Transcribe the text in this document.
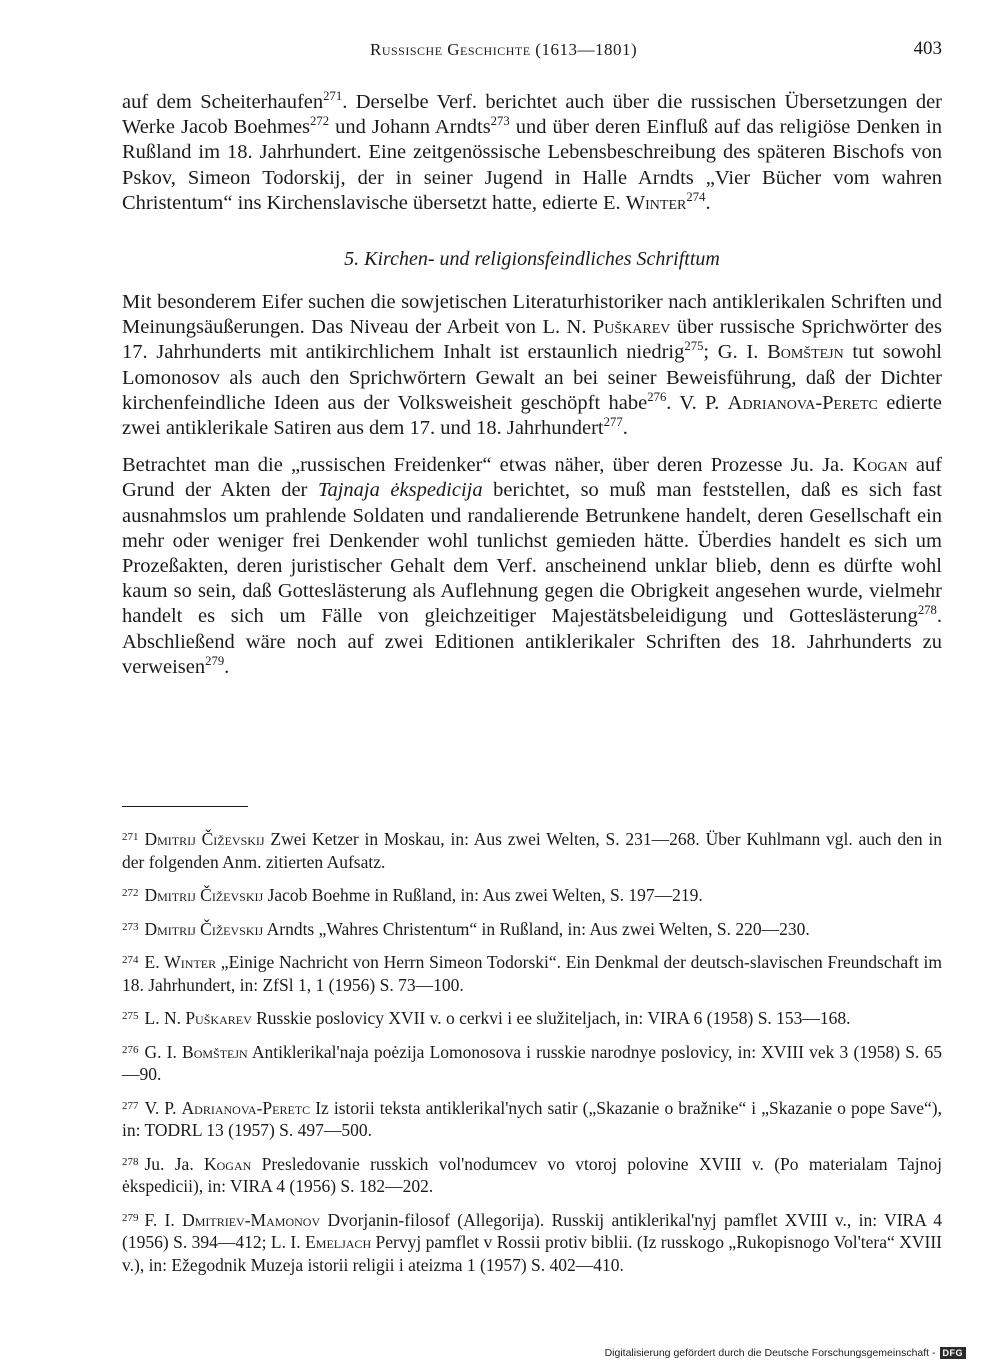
Russische Geschichte (1613—1801)	403

auf dem Scheiterhaufen$^{271}$. Derselbe Verf. berichtet auch über die russischen Übersetzungen der Werke Jacob Boehmes$^{272}$ und Johann Arndts$^{273}$ und über deren Einfluß auf das religiöse Denken in Rußland im 18. Jahrhundert. Eine zeitgenössische Lebensbeschreibung des späteren Bischofs von Pskov, Simeon Todorskij, der in seiner Jugend in Halle Arndts „Vier Bücher vom wahren Christentum“ ins Kirchenslavische übersetzt hatte, edierte E. Winter$^{274}$.

5. Kirchen- und religionsfeindliches Schrifttum

Mit besonderem Eifer suchen die sowjetischen Literaturhistoriker nach antiklerikalen Schriften und Meinungsäußerungen. Das Niveau der Arbeit von L. N. Puškarev über russische Sprichwörter des 17. Jahrhunderts mit antikirchlichem Inhalt ist erstaunlich niedrig$^{275}$; G. I. Bomštejn tut sowohl Lomonosov als auch den Sprichwörtern Gewalt an bei seiner Beweisführung, daß der Dichter kirchenfeindliche Ideen aus der Volksweisheit geschöpft habe$^{276}$. V. P. Adrianova-Peretc edierte zwei antiklerikale Satiren aus dem 17. und 18. Jahrhundert$^{277}$.

Betrachtet man die „russischen Freidenker“ etwas näher, über deren Prozesse Ju. Ja. Kogan auf Grund der Akten der Tajnaja ėkspedicija berichtet, so muß man feststellen, daß es sich fast ausnahmslos um prahlende Soldaten und randalierende Betrunkene handelt, deren Gesellschaft ein mehr oder weniger frei Denkender wohl tunlichst gemieden hätte. Überdies handelt es sich um Prozeßakten, deren juristischer Gehalt dem Verf. anscheinend unklar blieb, denn es dürfte wohl kaum so sein, daß Gotteslästerung als Auflehnung gegen die Obrigkeit angesehen wurde, vielmehr handelt es sich um Fälle von gleichzeitiger Majestätsbeleidigung und Gotteslästerung$^{278}$. Abschließend wäre noch auf zwei Editionen antiklerikaler Schriften des 18. Jahrhunderts zu verweisen$^{279}$.

$^{271}$ Dmitrij Čiževskij Zwei Ketzer in Moskau, in: Aus zwei Welten, S. 231—268. Über Kuhlmann vgl. auch den in der folgenden Anm. zitierten Aufsatz.

$^{272}$ Dmitrij Čiževskij Jacob Boehme in Rußland, in: Aus zwei Welten, S. 197—219.

$^{273}$ Dmitrij Čiževskij Arndts „Wahres Christentum“ in Rußland, in: Aus zwei Welten, S. 220—230.

$^{274}$ E. Winter „Einige Nachricht von Herrn Simeon Todorski“. Ein Denkmal der deutsch-slavischen Freundschaft im 18. Jahrhundert, in: ZfSl 1, 1 (1956) S. 73—100.

$^{275}$ L. N. Puškarev Russkie poslovicy XVII v. o cerkvi i ee služiteljach, in: VIRA 6 (1958) S. 153—168.

$^{276}$ G. I. Bomštejn Antiklerikal'naja poėzija Lomonosova i russkie narodnye poslovicy, in: XVIII vek 3 (1958) S. 65—90.

$^{277}$ V. P. Adrianova-Peretc Iz istorii teksta antiklerikal'nych satir („Skazanie o bražnike“ i „Skazanie o pope Save“), in: TODRL 13 (1957) S. 497—500.

$^{278}$ Ju. Ja. Kogan Presledovanie russkich vol'nodumcev vo vtoroj polovine XVIII v. (Po materialam Tajnoj ėkspedicii), in: VIRA 4 (1956) S. 182—202.

$^{279}$ F. I. Dmitriev-Mamonov Dvorjanin-filosof (Allegorija). Russkij antiklerikal'nyj pamflet XVIII v., in: VIRA 4 (1956) S. 394—412; L. I. Emeljach Pervyj pamflet v Rossii protiv biblii. (Iz russkogo „Rukopisnogo Vol'tera“ XVIII v.), in: Ežegodnik Muzeja istorii religii i ateizma 1 (1957) S. 402—410.

Digitalisierung gefördert durch die Deutsche Forschungsgemeinschaft - DFG
